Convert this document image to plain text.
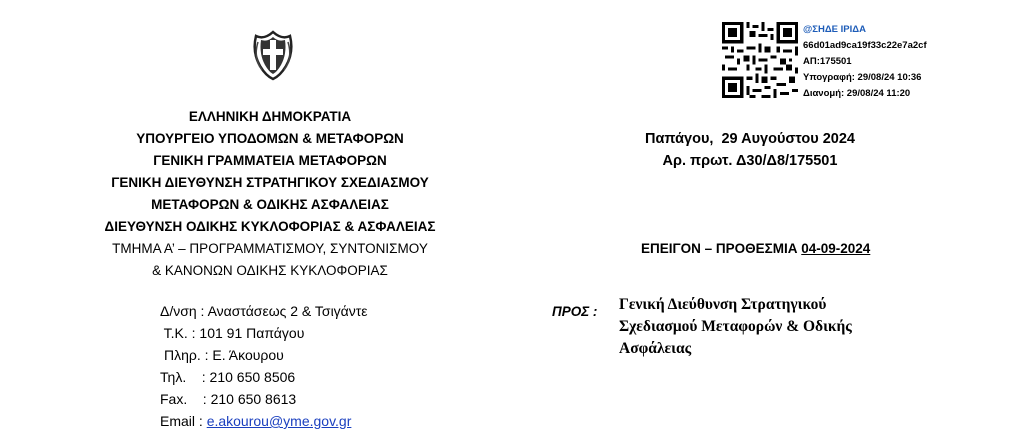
ΕΛΛΗΝΙΚΗ ΔΗΜΟΚΡΑΤΙΑ
ΥΠΟΥΡΓΕΙΟ ΥΠΟΔΟΜΩΝ & ΜΕΤΑΦΟΡΩΝ
ΓΕΝΙΚΗ ΓΡΑΜΜΑΤΕΙΑ ΜΕΤΑΦΟΡΩΝ
ΓΕΝΙΚΗ ΔΙΕΥΘΥΝΣΗ ΣΤΡΑΤΗΓΙΚΟΥ ΣΧΕΔΙΑΣΜΟΥ
ΜΕΤΑΦΟΡΩΝ & ΟΔΙΚΗΣ ΑΣΦΑΛΕΙΑΣ
ΔΙΕΥΘΥΝΣΗ ΟΔΙΚΗΣ ΚΥΚΛΟΦΟΡΙΑΣ & ΑΣΦΑΛΕΙΑΣ
ΤΜΗΜΑ Α’ – ΠΡΟΓΡΑΜΜΑΤΙΣΜΟΥ, ΣΥΝΤΟΝΙΣΜΟΥ
& ΚΑΝΟΝΩΝ ΟΔΙΚΗΣ ΚΥΚΛΟΦΟΡΙΑΣ
Δ/νση : Αναστάσεως 2 & Τσιγάντε
Τ.Κ. : 101 91 Παπάγου
Πληρ. : Ε. Άκουρου
Τηλ.    : 210 650 8506
Fax.    : 210 650 8613
Email : e.akourou@yme.gov.gr
@ΣΗΔΕ ΙΡΙΔΑ
66d01ad9ca19f33c22e7a2cf
ΑΠ:175501
Υπογραφή: 29/08/24 10:36
Διανομή: 29/08/24 11:20
Παπάγου,  29 Αυγούστου 2024
Αρ. πρωτ. Δ30/Δ8/175501
ΕΠΕΙΓΟΝ – ΠΡΟΘΕΣΜΙΑ 04-09-2024
ΠΡΟΣ : Γενική Διεύθυνση Στρατηγικού
Σχεδιασμού Μεταφορών & Οδικής
Ασφάλειας
